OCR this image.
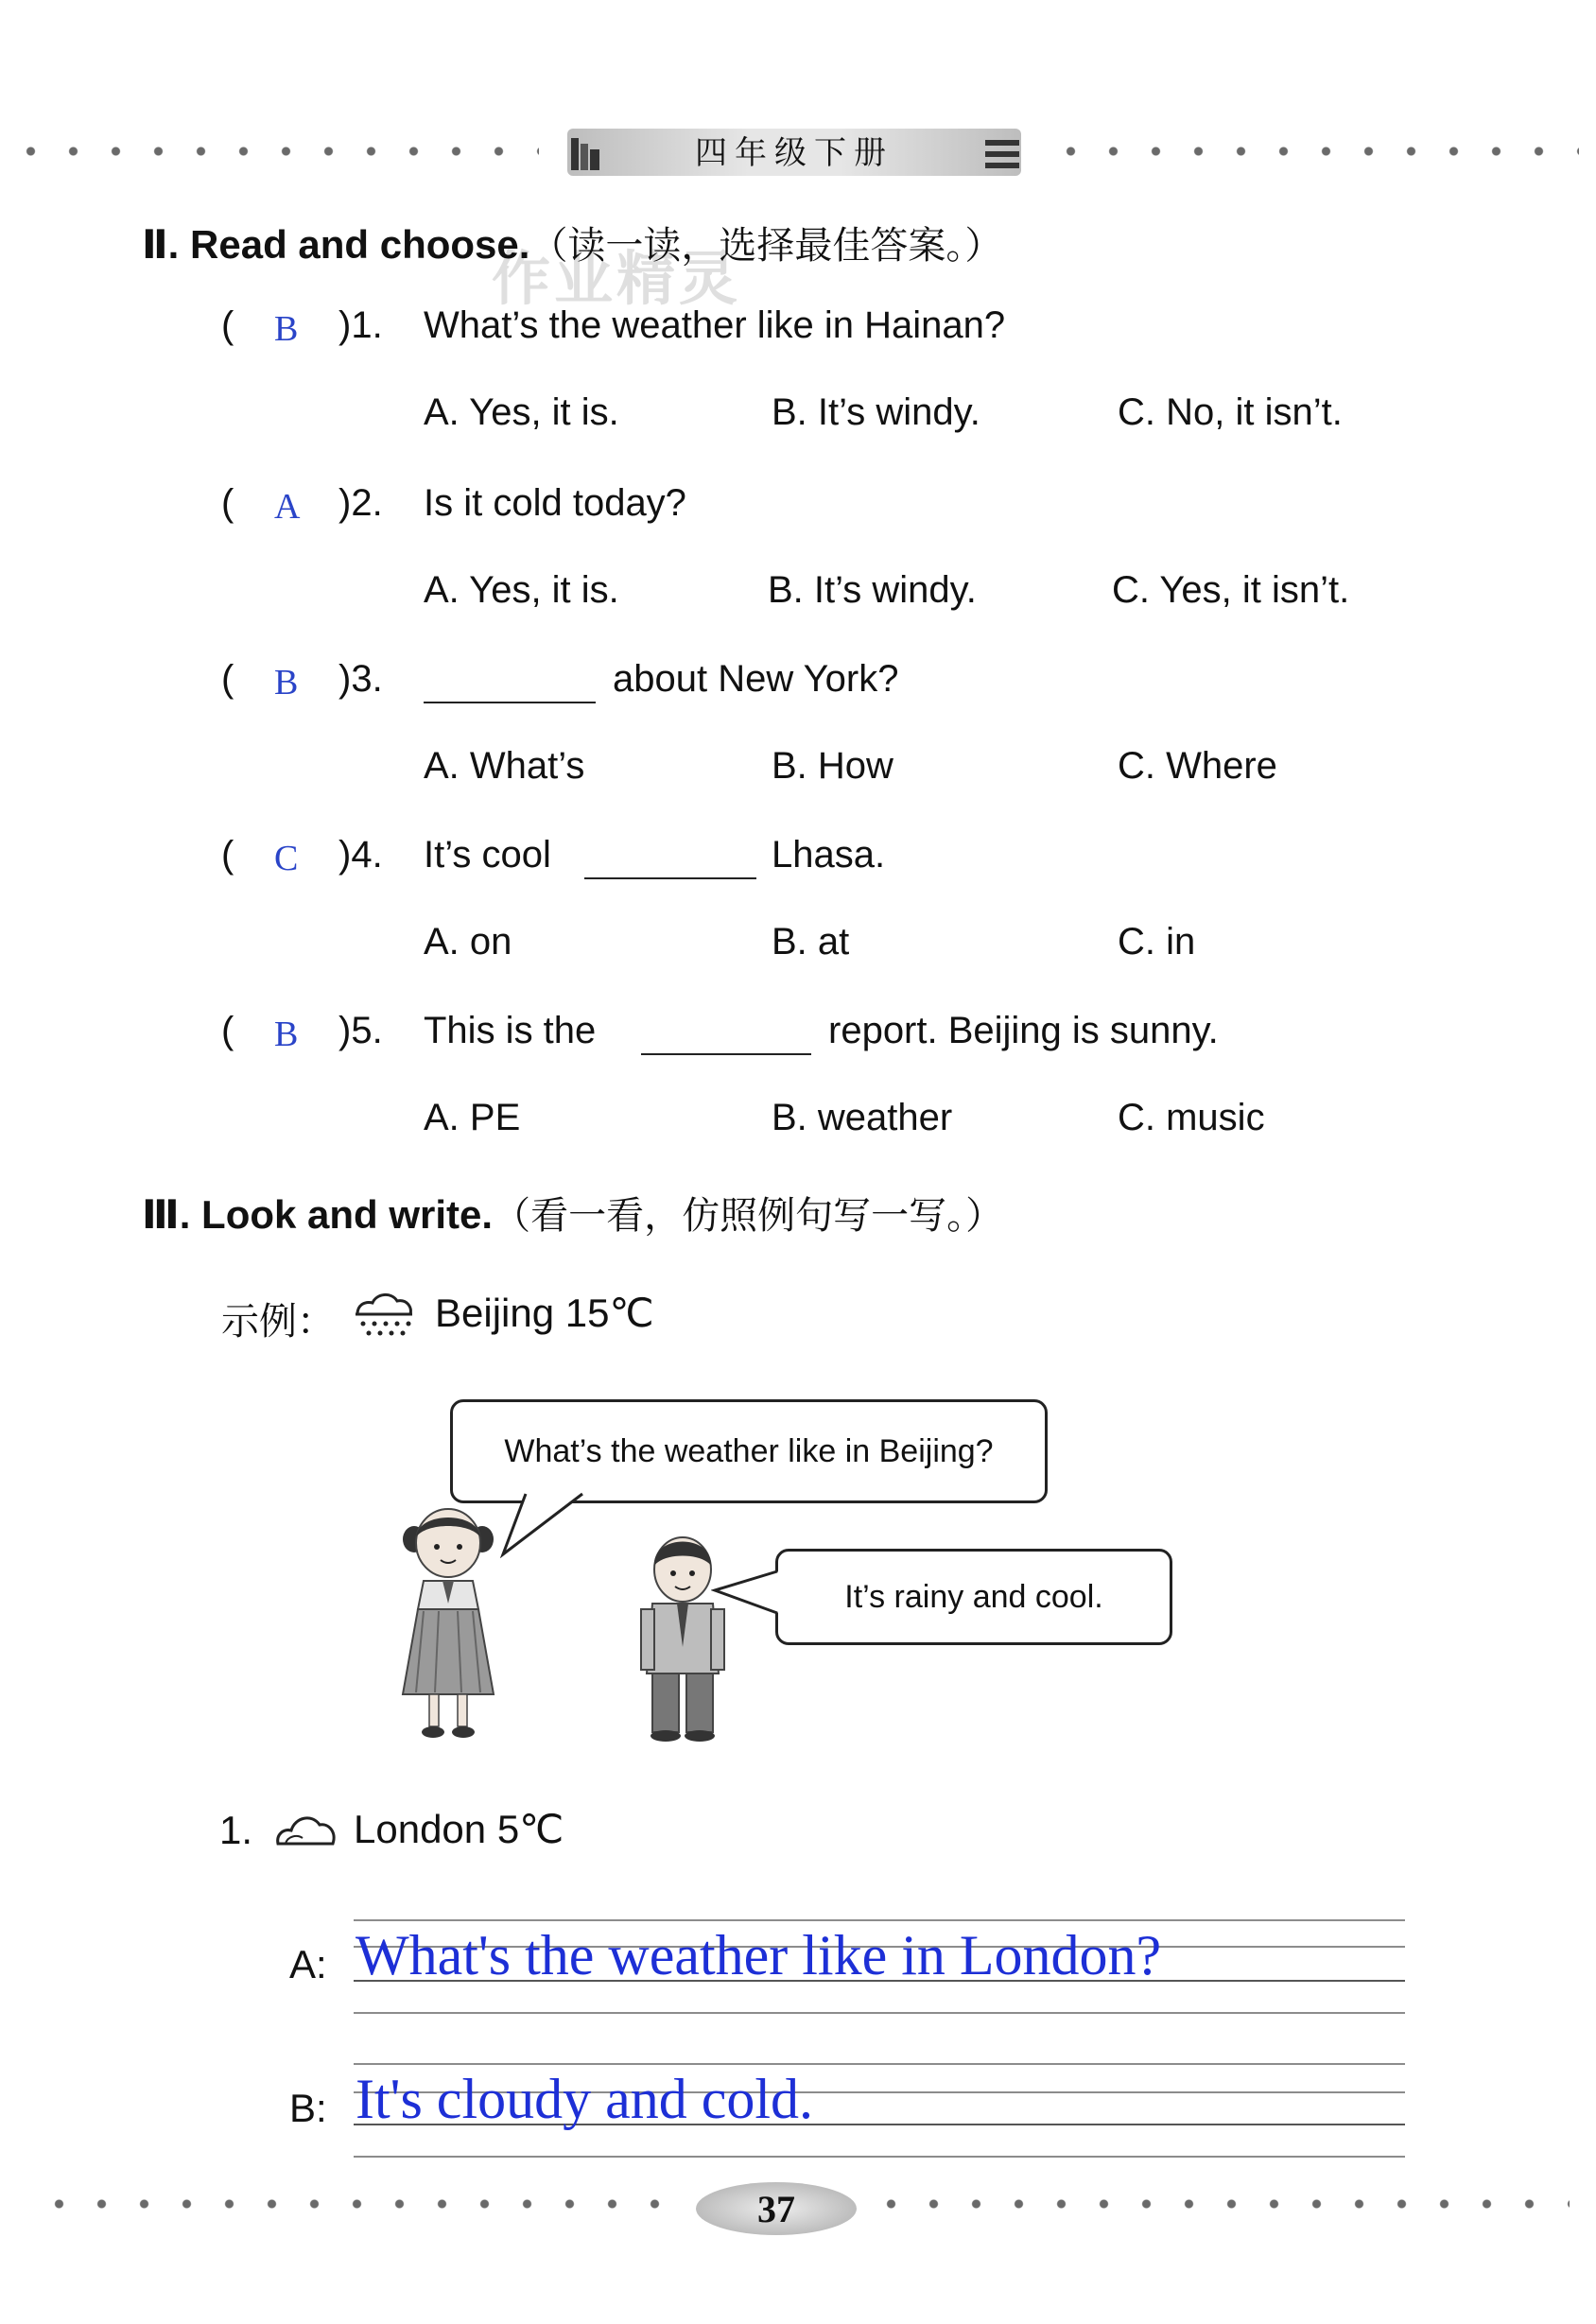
四年级下册
作业精灵
Ⅱ. Read and choose.（读一读，选择最佳答案。）
( B )1. What’s the weather like in Hainan?
A. Yes, it is.	B. It’s windy.	C. No, it isn’t.
( A )2. Is it cold today?
A. Yes, it is.	B. It’s windy.	C. Yes, it isn’t.
( B )3.	about New York?
A. What’s	B. How	C. Where
( C )4. It’s cool	Lhasa.
A. on	B. at	C. in
( B )5. This is the	report. Beijing is sunny.
A. PE	B. weather	C. music
Ⅲ. Look and write.（看一看，仿照例句写一写。）
示例：	Beijing 15℃
What’s the weather like in Beijing?
It’s rainy and cool.
1.	London 5℃
A: What's the weather like in London?
B: It's cloudy and cold.
37
